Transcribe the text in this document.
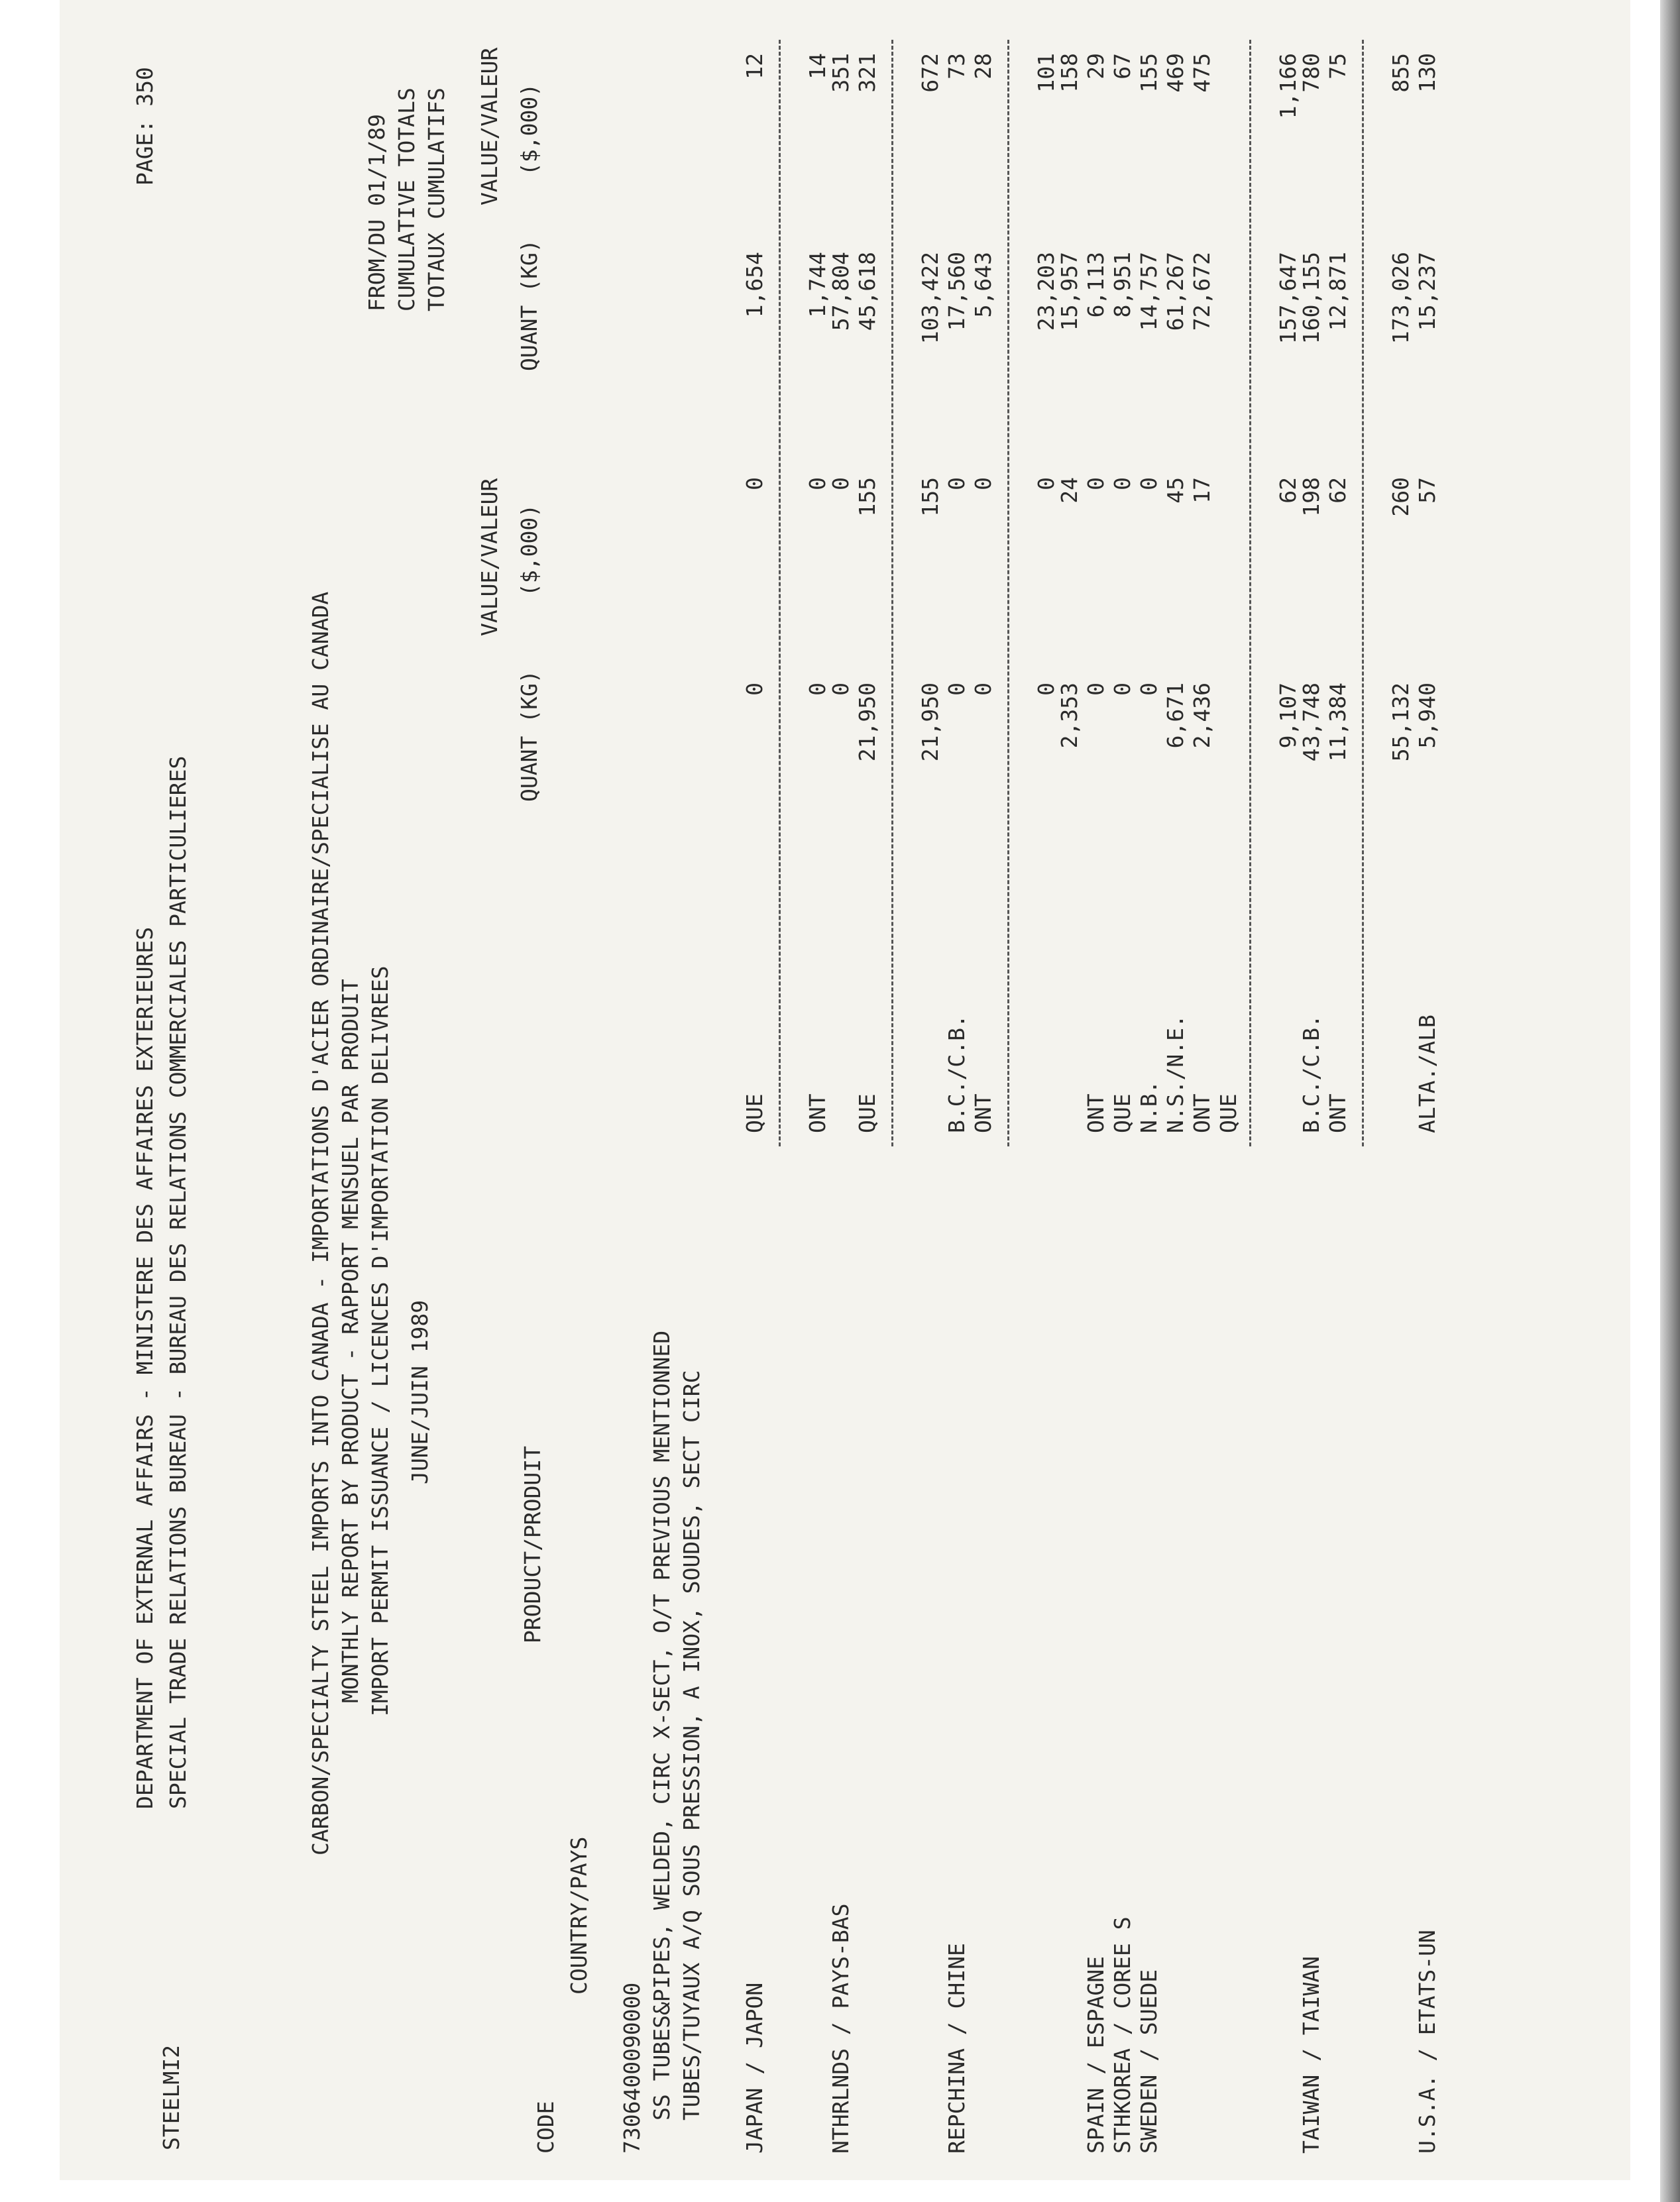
STEELMI2
DEPARTMENT OF EXTERNAL AFFAIRS - MINISTERE DES AFFAIRES EXTERIEURES SPECIAL TRADE RELATIONS BUREAU - BUREAU DES RELATIONS COMMERCIALES PARTICULIERES
PAGE: 350
CARBON/SPECIALTY STEEL IMPORTS INTO CANADA - IMPORTATIONS D'ACIER ORDINAIRE/SPECIALISE AU CANADA MONTHLY REPORT BY PRODUCT - RAPPORT MENSUEL PAR PRODUIT IMPORT PERMIT ISSUANCE / LICENCES D'IMPORTATION DELIVREES JUNE/JUIN 1989
FROM/DU 01/1/89 CUMULATIVE TOTALS TOTAUX CUMULATIFS
VALUE/VALEUR
VALUE/VALEUR
PRODUCT/PRODUIT
CODE
COUNTRY/PAYS
QUANT (KG)
($,000)
QUANT (KG)
($,000)
7306400090000 SS TUBES&PIPES, WELDED, CIRC X-SECT, O/T PREVIOUS MENTIONNED TUBES/TUYAUX A/Q SOUS PRESSION, A INOX, SOUDES, SECT CIRC JAPAN / JAPON
QUE
0
0
1,654
12
ONT
0
0
1,744
14
NTHRLNDS / PAYS-BAS
0
0
57,804
351
QUE
21,950
155
45,618
321
21,950
155
103,422
672
REPCHINA / CHINE
B.C./C.B.
0
0
17,560
73
ONT
0
0
5,643
28
0
0
23,203
101
2,353
24
15,957
158
SPAIN / ESPAGNE
ONT
0
0
6,113
29
STHKOREA / COREE S
QUE
0
0
8,951
67
SWEDEN / SUEDE
N.B.
0
0
14,757
155
N.S./N.E.
6,671
45
61,267
469
ONT
2,436
17
72,672
475
QUE
9,107
62
157,647
1,166
TAIWAN / TAIWAN
B.C./C.B.
43,748
198
160,155
780
ONT
11,384
62
12,871
75
55,132
260
173,026
855
U.S.A. / ETATS-UN
ALTA./ALB
5,940
57
15,237
130
